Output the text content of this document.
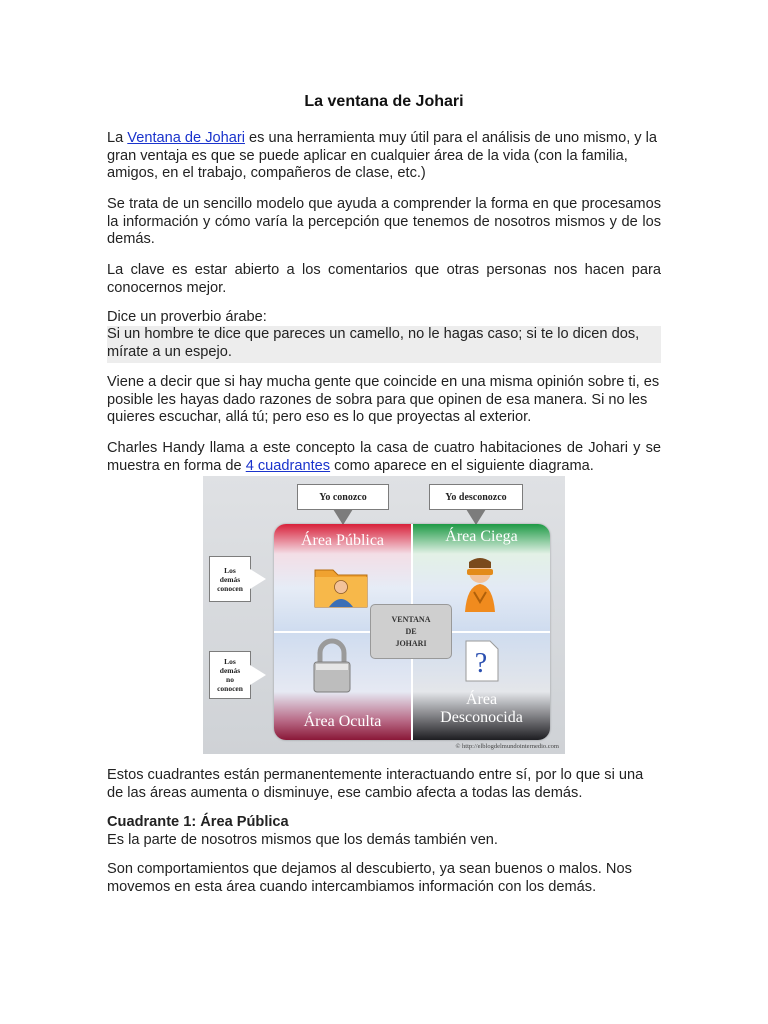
La ventana de Johari

La Ventana de Johari es una herramienta muy útil para el análisis de uno mismo, y la gran ventaja es que se puede aplicar en cualquier área de la vida (con la familia, amigos, en el trabajo, compañeros de clase, etc.)

Se trata de un sencillo modelo que ayuda a comprender la forma en que procesamos la información y cómo varía la percepción que tenemos de nosotros mismos y de los demás.

La clave es estar abierto a los comentarios que otras personas nos hacen para conocernos mejor.

Dice un proverbio árabe:

Si un hombre te dice que pareces un camello, no le hagas caso; si te lo dicen dos, mírate a un espejo.

Viene a decir que si hay mucha gente que coincide en una misma opinión sobre ti, es posible les hayas dado razones de sobra para que opinen de esa manera. Si no les quieres escuchar, allá tú; pero eso es lo que proyectas al exterior.

Charles Handy llama a este concepto la casa de cuatro habitaciones de Johari y se muestra en forma de 4 cuadrantes como aparece en el siguiente diagrama.

Estos cuadrantes están permanentemente interactuando entre sí, por lo que si una de las áreas aumenta o disminuye, ese cambio afecta a todas las demás.

Cuadrante 1: Área Pública

Es la parte de nosotros mismos que los demás también ven.

Son comportamientos que dejamos al descubierto, ya sean buenos o malos. Nos movemos en esta área cuando intercambiamos información con los demás.

Yo conozco	Yo desconozco
Los
demás
conocen
Los
demás
no
conocen
Área Pública	Área Ciega
Área Oculta
?
Área
Desconocida
VENTANA
DE
JOHARI
© http://elblogdelmundointernedio.com
